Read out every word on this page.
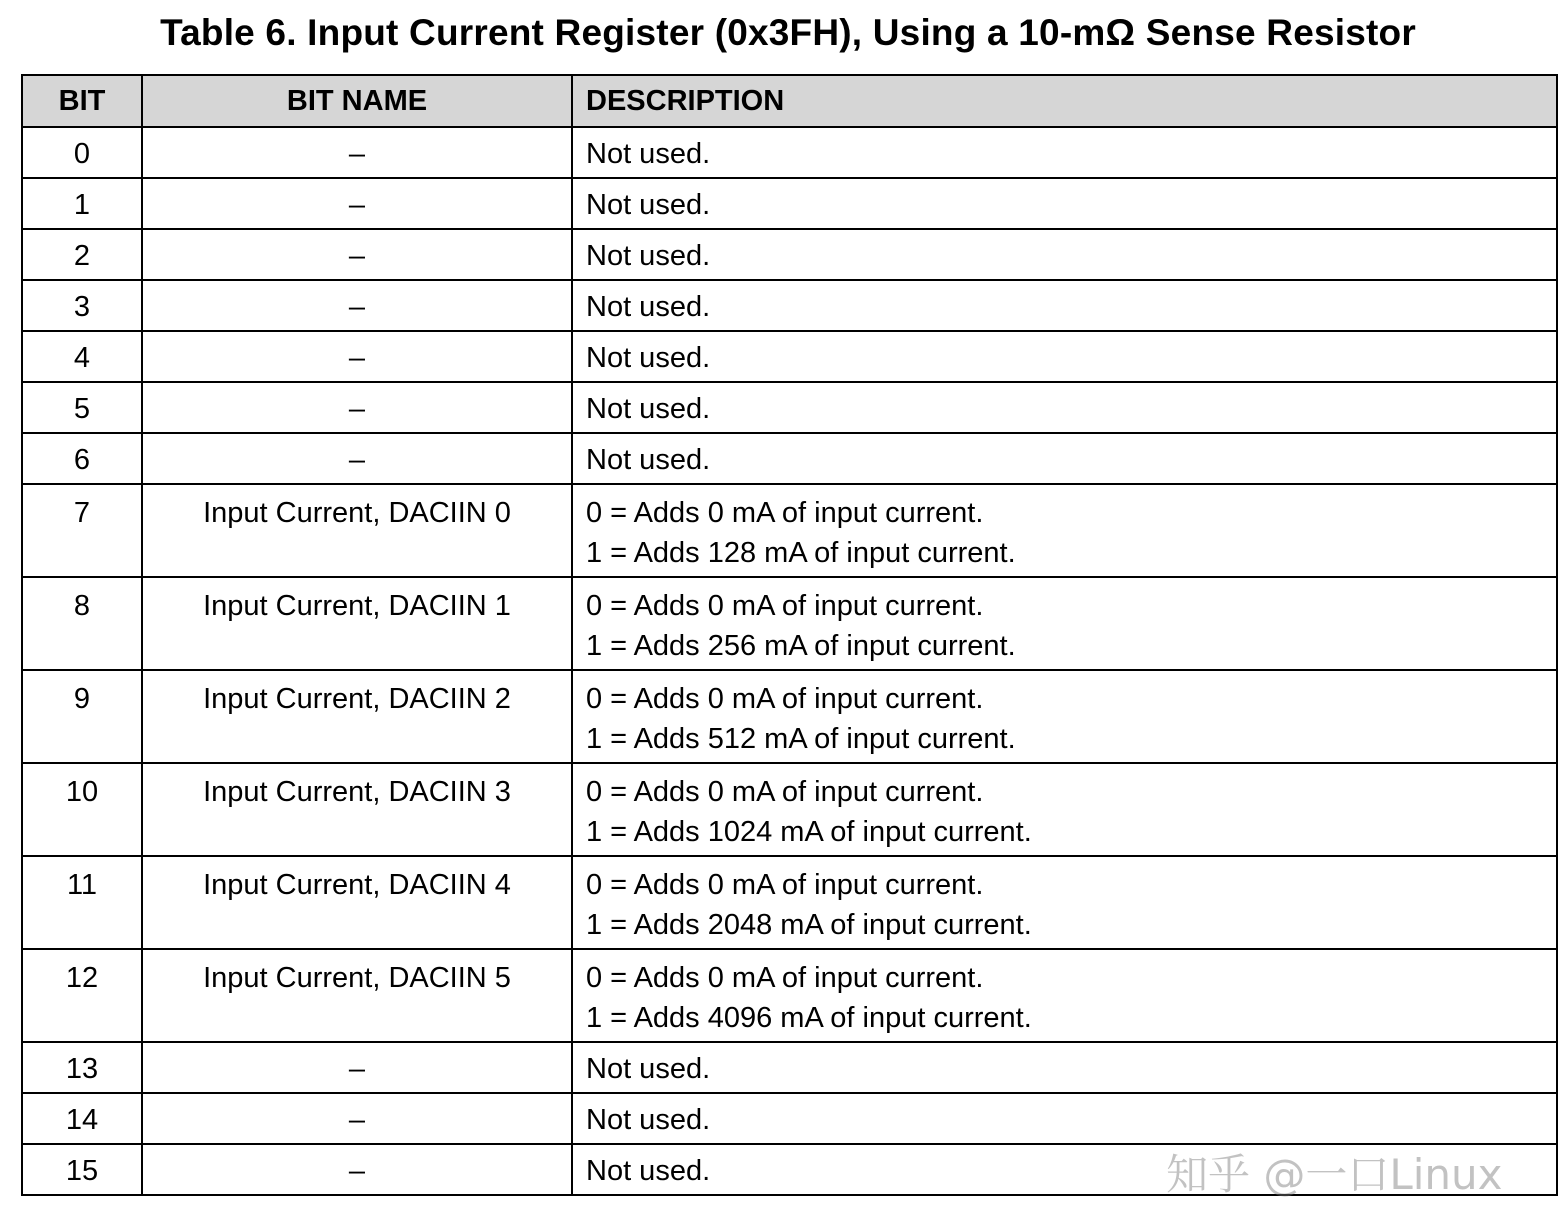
Table 6. Input Current Register (0x3FH), Using a 10-mΩ Sense Resistor
BIT	BIT NAME	DESCRIPTION
0	–	Not used.

1	–	Not used.

2	–	Not used.

3	–	Not used.

4	–	Not used.

5	–	Not used.

6	–	Not used.

7	Input Current, DACIIN 0	0 = Adds 0 mA of input current.
1 = Adds 128 mA of input current.

8	Input Current, DACIIN 1	0 = Adds 0 mA of input current.
1 = Adds 256 mA of input current.

9	Input Current, DACIIN 2	0 = Adds 0 mA of input current.
1 = Adds 512 mA of input current.

10	Input Current, DACIIN 3	0 = Adds 0 mA of input current.
1 = Adds 1024 mA of input current.

11	Input Current, DACIIN 4	0 = Adds 0 mA of input current.
1 = Adds 2048 mA of input current.

12	Input Current, DACIIN 5	0 = Adds 0 mA of input current.
1 = Adds 4096 mA of input current.

13	–	Not used.

14	–	Not used.

15	–	Not used.	知乎 @一口Linux
